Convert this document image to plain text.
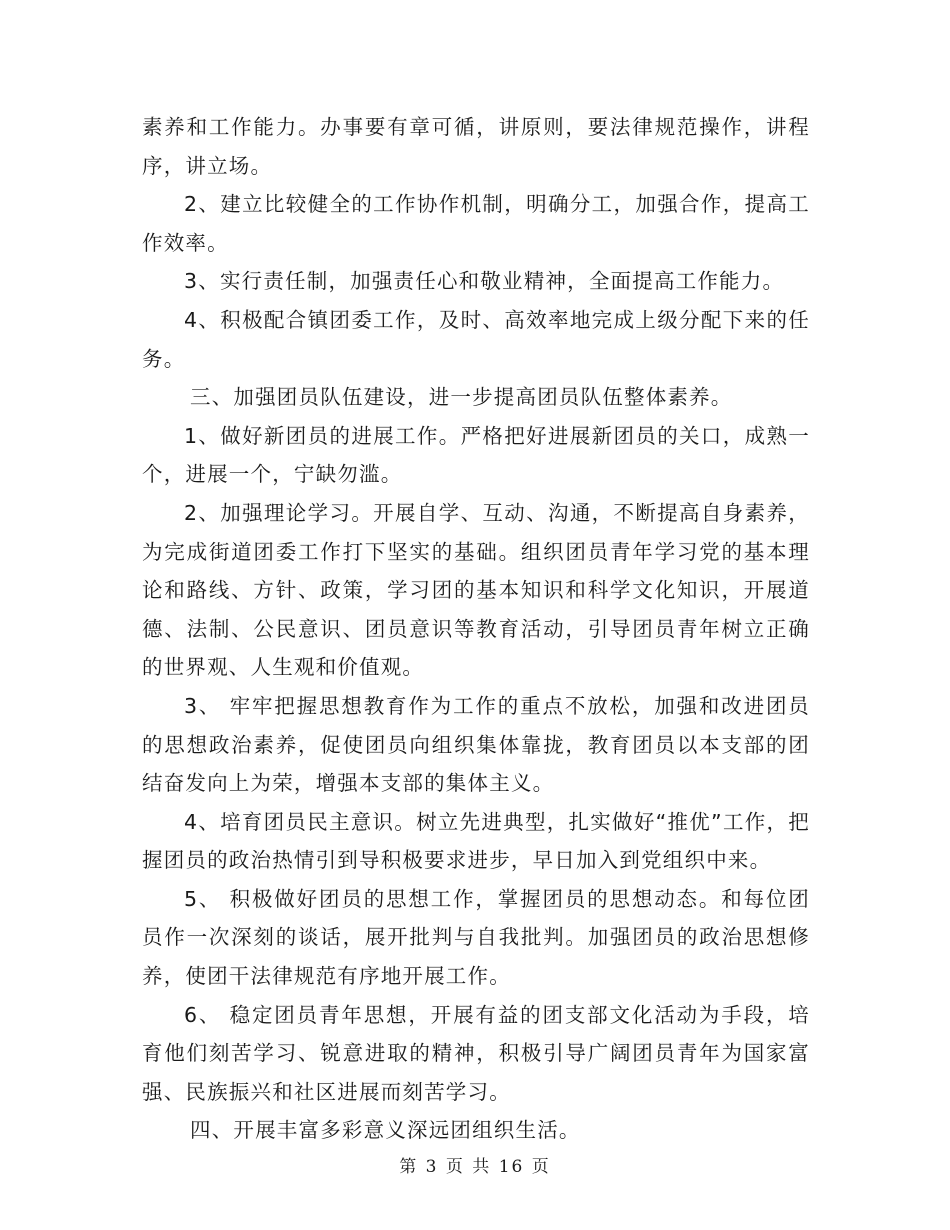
素养和工作能力。办事要有章可循，讲原则，要法律规范操作，讲程序，讲立场。

2、建立比较健全的工作协作机制，明确分工，加强合作，提高工作效率。

3、实行责任制，加强责任心和敬业精神，全面提高工作能力。

4、积极配合镇团委工作，及时、高效率地完成上级分配下来的任务。

三、加强团员队伍建设，进一步提高团员队伍整体素养。

1、做好新团员的进展工作。严格把好进展新团员的关口，成熟一个，进展一个，宁缺勿滥。

2、加强理论学习。开展自学、互动、沟通，不断提高自身素养，为完成街道团委工作打下坚实的基础。组织团员青年学习党的基本理论和路线、方针、政策，学习团的基本知识和科学文化知识，开展道德、法制、公民意识、团员意识等教育活动，引导团员青年树立正确的世界观、人生观和价值观。

3、 牢牢把握思想教育作为工作的重点不放松，加强和改进团员的思想政治素养，促使团员向组织集体靠拢，教育团员以本支部的团结奋发向上为荣，增强本支部的集体主义。

4、培育团员民主意识。树立先进典型，扎实做好“推优”工作，把握团员的政治热情引到导积极要求进步，早日加入到党组织中来。

5、 积极做好团员的思想工作，掌握团员的思想动态。和每位团员作一次深刻的谈话，展开批判与自我批判。加强团员的政治思想修养，使团干法律规范有序地开展工作。

6、 稳定团员青年思想，开展有益的团支部文化活动为手段，培育他们刻苦学习、锐意进取的精神，积极引导广阔团员青年为国家富强、民族振兴和社区进展而刻苦学习。

四、开展丰富多彩意义深远团组织生活。

第 3 页 共 16 页
